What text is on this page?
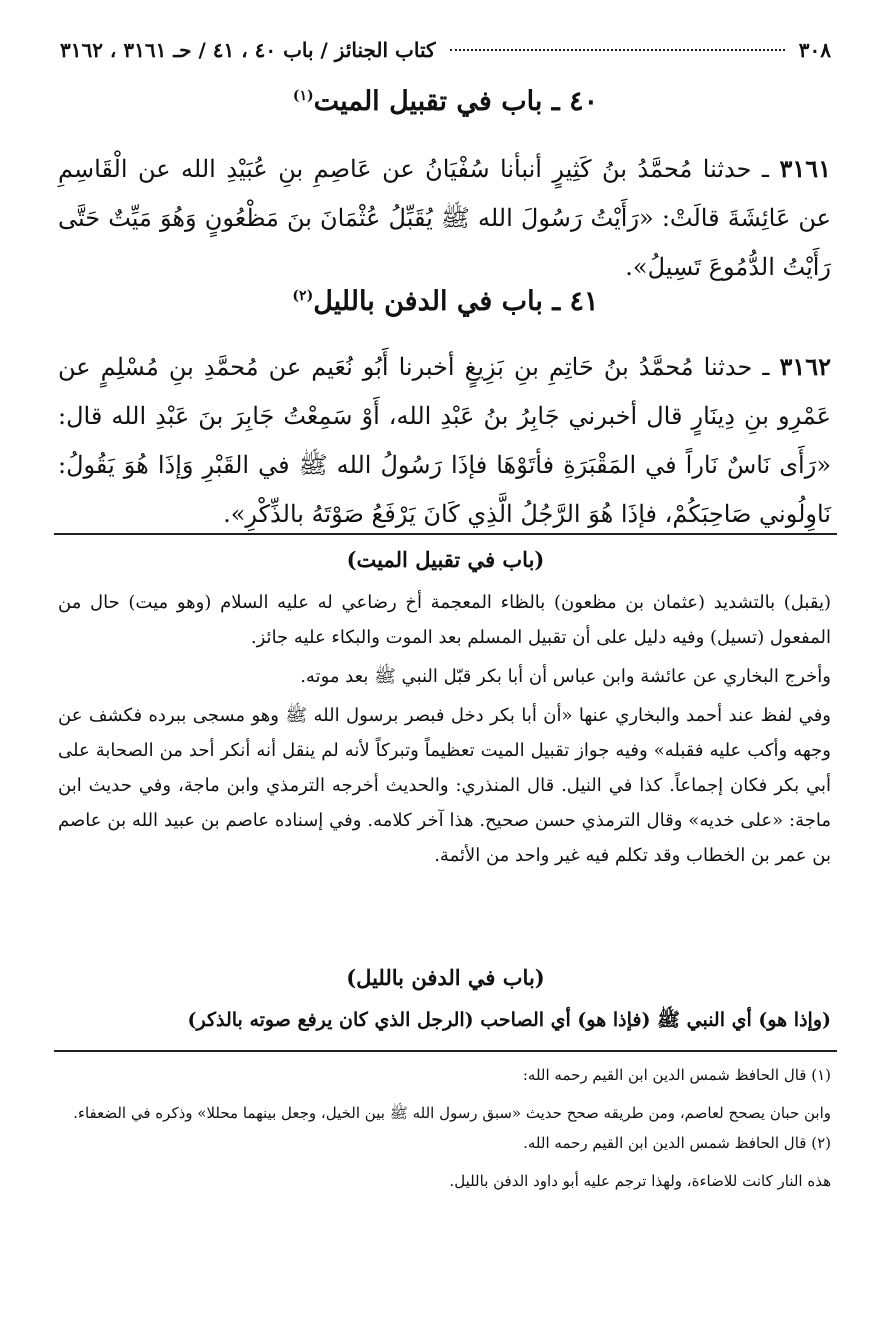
٣٠٨
كتاب الجنائز / باب ٤٠ ، ٤١ / حـ ٣١٦١ ، ٣١٦٢
٤٠ ـ باب في تقبيل الميت$^{(١)}$
٣١٦١ ـ حدثنا مُحمَّدُ بنُ كَثِيرٍ أنبأنا سُفْيَانُ عن عَاصِمِ بنِ عُبَيْدِ الله عن الْقَاسِمِ عن عَائِشَةَ قالَتْ: «رَأَيْتُ رَسُولَ الله ﷺ يُقَبِّلُ عُثْمَانَ بنَ مَظْعُونٍ وَهُوَ مَيِّتٌ حَتَّى رَأَيْتُ الدُّمُوعَ تَسِيلُ».
٤١ ـ باب في الدفن بالليل$^{(٢)}$
٣١٦٢ ـ حدثنا مُحمَّدُ بنُ حَاتِمِ بنِ بَزِيغٍ أخبرنا أَبُو نُعَيم عن مُحمَّدِ بنِ مُسْلِمٍ عن عَمْرِو بنِ دِينَارٍ قال أخبرني جَابِرُ بنُ عَبْدِ الله، أَوْ سَمِعْتُ جَابِرَ بنَ عَبْدِ الله قال: «رَأَى نَاسٌ نَاراً في المَقْبَرَةِ فأتَوْهَا فإذَا رَسُولُ الله ﷺ في القَبْرِ وَإذَا هُوَ يَقُولُ: نَاوِلُوني صَاحِبَكُمْ، فإذَا هُوَ الرَّجُلُ الَّذِي كَانَ يَرْفَعُ صَوْتَهُ بالذِّكْرِ».
(باب في تقبيل الميت)

(يقبل) بالتشديد (عثمان بن مظعون) بالظاء المعجمة أخ رضاعي له عليه السلام (وهو ميت) حال من المفعول (تسيل) وفيه دليل على أن تقبيل المسلم بعد الموت والبكاء عليه جائز.

وأخرج البخاري عن عائشة وابن عباس أن أبا بكر قبّل النبي ﷺ بعد موته.

وفي لفظ عند أحمد والبخاري عنها «أن أبا بكر دخل فبصر برسول الله ﷺ وهو مسجى ببرده فكشف عن وجهه وأكب عليه فقبله» وفيه جواز تقبيل الميت تعظيماً وتبركاً لأنه لم ينقل أنه أنكر أحد من الصحابة على أبي بكر فكان إجماعاً. كذا في النيل. قال المنذري: والحديث أخرجه الترمذي وابن ماجة، وفي حديث ابن ماجة: «على خديه» وقال الترمذي حسن صحيح. هذا آخر كلامه. وفي إسناده عاصم بن عبيد الله بن عاصم بن عمر بن الخطاب وقد تكلم فيه غير واحد من الأئمة.

(باب في الدفن بالليل)
(وإذا هو) أي النبي ﷺ (فإذا هو) أي الصاحب (الرجل الذي كان يرفع صوته بالذكر)

(١) قال الحافظ شمس الدين ابن القيم رحمه الله:

وابن حبان يصحح لعاصم، ومن طريقه صحح حديث «سبق رسول الله ﷺ بين الخيل، وجعل بينهما محللا» وذكره في الضعفاء.

(٢) قال الحافظ شمس الدين ابن القيم رحمه الله.

هذه النار كانت للاضاءة، ولهذا ترجم عليه أبو داود الدفن بالليل.
